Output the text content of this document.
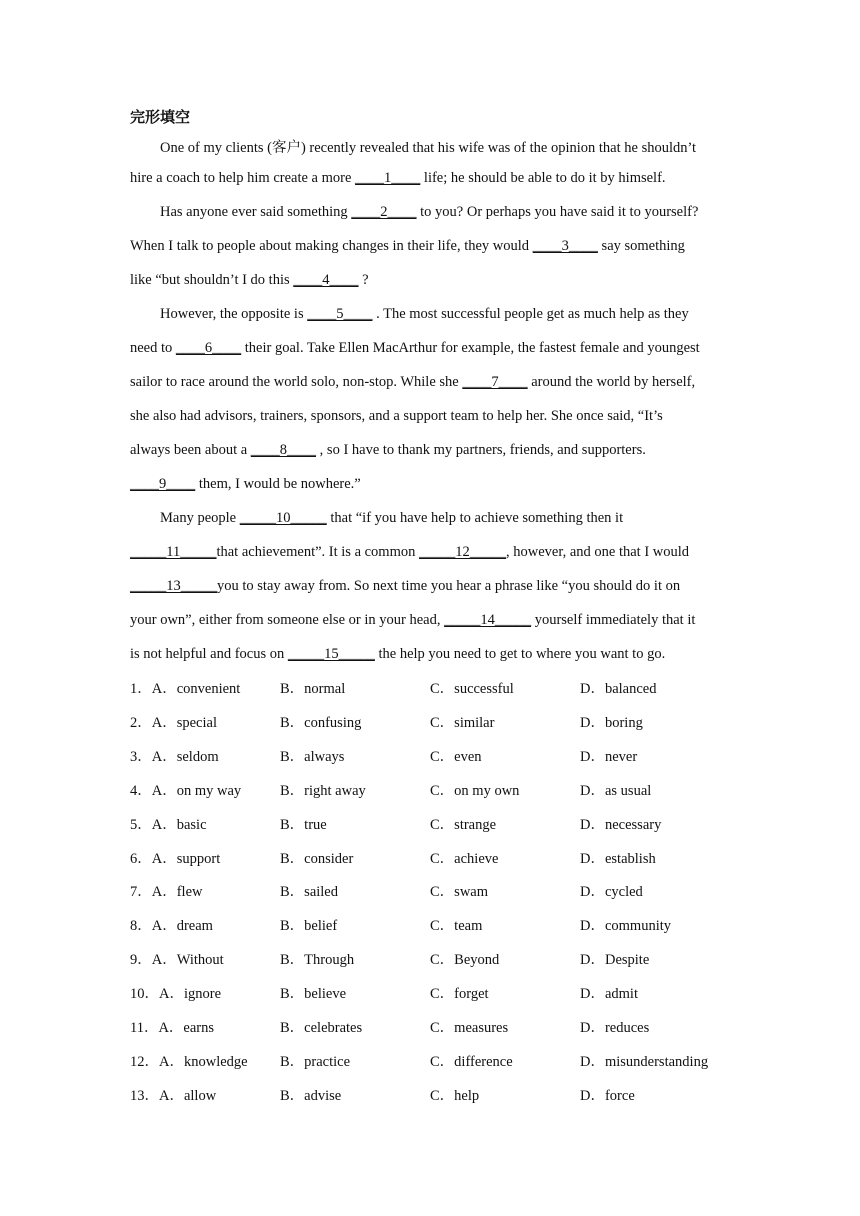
完形填空
One of my clients (客户) recently revealed that his wife was of the opinion that he shouldn’t
hire a coach to help him create a more ____1____ life; he should be able to do it by himself.
Has anyone ever said something ____2____ to you? Or perhaps you have said it to yourself?
When I talk to people about making changes in their life, they would ____3____ say something
like “but shouldn’t I do this ____4____ ?
However, the opposite is ____5____ . The most successful people get as much help as they
need to ____6____ their goal. Take Ellen MacArthur for example, the fastest female and youngest
sailor to race around the world solo, non-stop. While she ____7____ around the world by herself,
she also had advisors, trainers, sponsors, and a support team to help her. She once said, “It’s
always been about a ____8____ , so I have to thank my partners, friends, and supporters.
____9____ them, I would be nowhere.”
Many people _____10_____ that “if you have help to achieve something then it
_____11_____that achievement”. It is a common _____12_____, however, and one that I would
_____13_____you to stay away from. So next time you hear a phrase like “you should do it on
your own”, either from someone else or in your head, _____14_____ yourself immediately that it
is not helpful and focus on _____15_____ the help you need to get to where you want to go.
1．A．convenient	B．normal	C．successful	D．balanced
2．A．special	B．confusing	C．similar	D．boring
3．A．seldom	B．always	C．even	D．never
4．A．on my way	B．right away	C．on my own	D．as usual
5．A．basic	B．true	C．strange	D．necessary
6．A．support	B．consider	C．achieve	D．establish
7．A．flew	B．sailed	C．swam	D．cycled
8．A．dream	B．belief	C．team	D．community
9．A．Without	B．Through	C．Beyond	D．Despite
10．A．ignore	B．believe	C．forget	D．admit
11．A．earns	B．celebrates	C．measures	D．reduces
12．A．knowledge B．practice	C．difference	D．misunderstanding
13．A．allow	B．advise	C．help	D．force
